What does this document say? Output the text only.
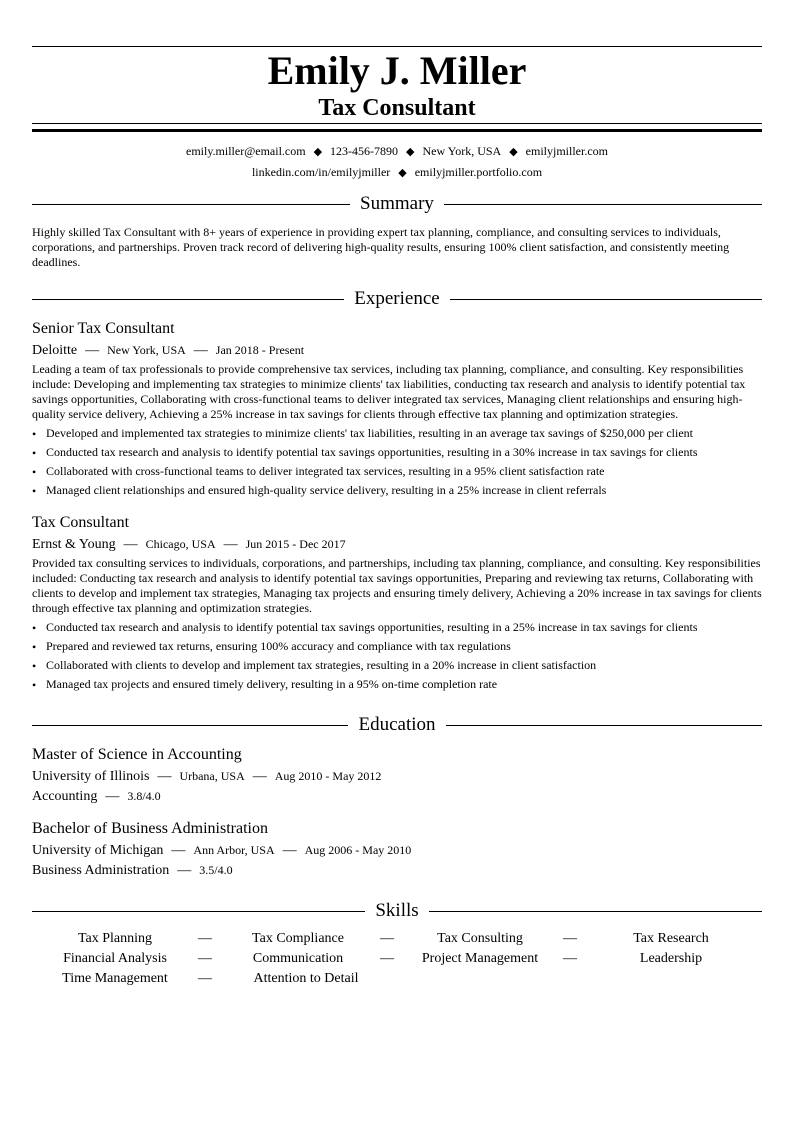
Emily J. Miller
Tax Consultant
emily.miller@email.com ◆ 123-456-7890 ◆ New York, USA ◆ emilyjmiller.com
linkedin.com/in/emilyjmiller ◆ emilyjmiller.portfolio.com
Summary
Highly skilled Tax Consultant with 8+ years of experience in providing expert tax planning, compliance, and consulting services to individuals, corporations, and partnerships. Proven track record of delivering high-quality results, ensuring 100% client satisfaction, and consistently meeting deadlines.
Experience
Senior Tax Consultant
Deloitte — New York, USA — Jan 2018 - Present
Leading a team of tax professionals to provide comprehensive tax services, including tax planning, compliance, and consulting. Key responsibilities include: Developing and implementing tax strategies to minimize clients' tax liabilities, conducting tax research and analysis to identify potential tax savings opportunities, Collaborating with cross-functional teams to deliver integrated tax services, Managing client relationships and ensuring high-quality service delivery, Achieving a 25% increase in tax savings for clients through effective tax planning and optimization strategies.
• Developed and implemented tax strategies to minimize clients' tax liabilities, resulting in an average tax savings of $250,000 per client
• Conducted tax research and analysis to identify potential tax savings opportunities, resulting in a 30% increase in tax savings for clients
• Collaborated with cross-functional teams to deliver integrated tax services, resulting in a 95% client satisfaction rate
• Managed client relationships and ensured high-quality service delivery, resulting in a 25% increase in client referrals
Tax Consultant
Ernst & Young — Chicago, USA — Jun 2015 - Dec 2017
Provided tax consulting services to individuals, corporations, and partnerships, including tax planning, compliance, and consulting. Key responsibilities included: Conducting tax research and analysis to identify potential tax savings opportunities, Preparing and reviewing tax returns, Collaborating with clients to develop and implement tax strategies, Managing tax projects and ensuring timely delivery, Achieving a 20% increase in tax savings for clients through effective tax planning and optimization strategies.
• Conducted tax research and analysis to identify potential tax savings opportunities, resulting in a 25% increase in tax savings for clients
• Prepared and reviewed tax returns, ensuring 100% accuracy and compliance with tax regulations
• Collaborated with clients to develop and implement tax strategies, resulting in a 20% increase in client satisfaction
• Managed tax projects and ensured timely delivery, resulting in a 95% on-time completion rate
Education
Master of Science in Accounting
University of Illinois — Urbana, USA — Aug 2010 - May 2012
Accounting — 3.8/4.0
Bachelor of Business Administration
University of Michigan — Ann Arbor, USA — Aug 2006 - May 2010
Business Administration — 3.5/4.0
Skills
Tax Planning	—	Tax Compliance	—	Tax Consulting	—	Tax Research
Financial Analysis	—	Communication	—	Project Management	—	Leadership
Time Management	—	Attention to Detail
